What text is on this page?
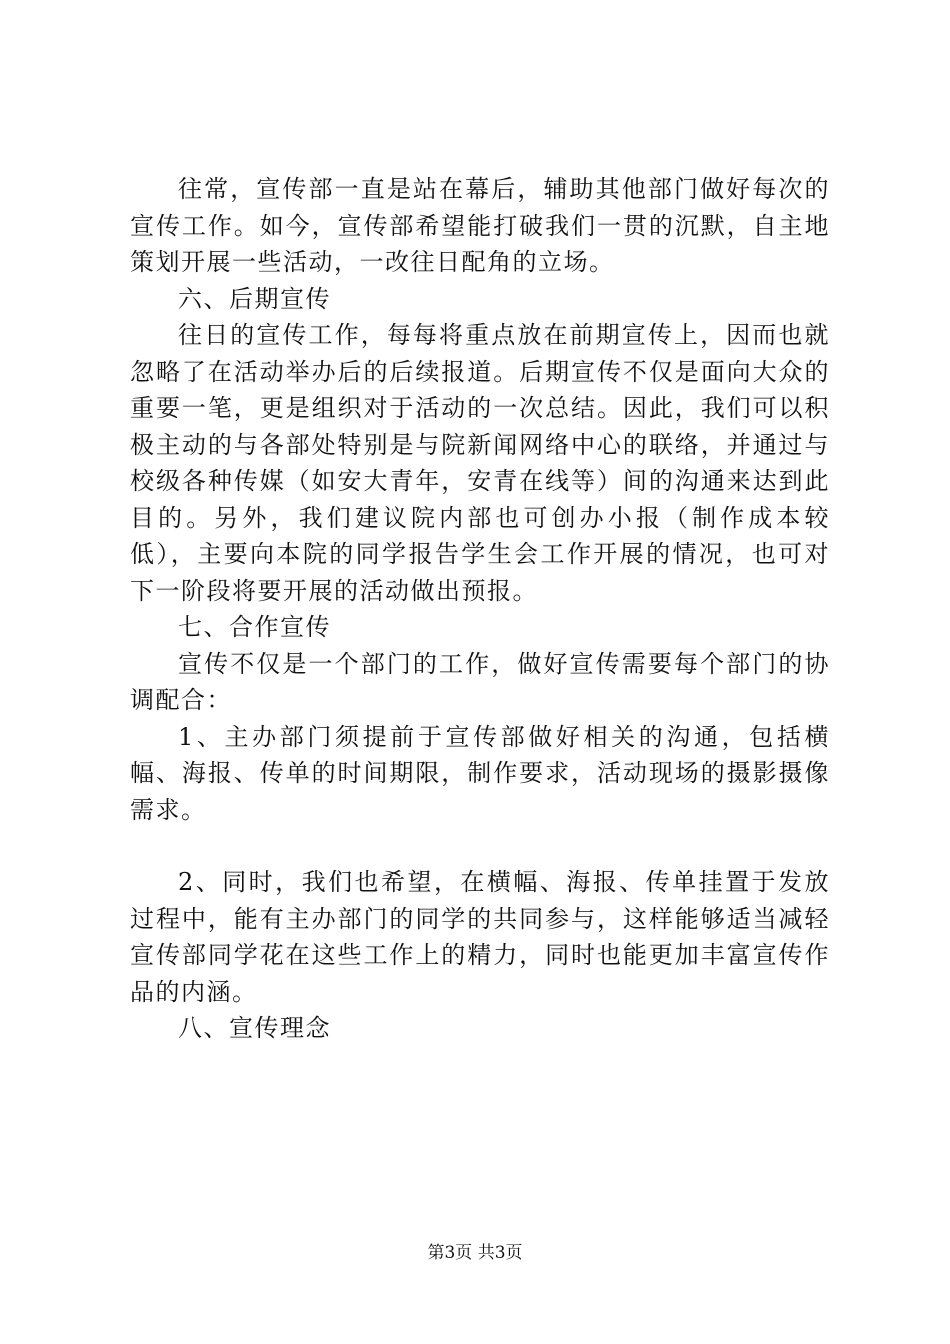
往常，宣传部一直是站在幕后，辅助其他部门做好每次的宣传工作。如今，宣传部希望能打破我们一贯的沉默，自主地策划开展一些活动，一改往日配角的立场。

六、后期宣传

往日的宣传工作，每每将重点放在前期宣传上，因而也就忽略了在活动举办后的后续报道。后期宣传不仅是面向大众的重要一笔，更是组织对于活动的一次总结。因此，我们可以积极主动的与各部处特别是与院新闻网络中心的联络，并通过与校级各种传媒（如安大青年，安青在线等）间的沟通来达到此目的。另外，我们建议院内部也可创办小报（制作成本较低），主要向本院的同学报告学生会工作开展的情况，也可对下一阶段将要开展的活动做出预报。

七、合作宣传

宣传不仅是一个部门的工作，做好宣传需要每个部门的协调配合：

1、主办部门须提前于宣传部做好相关的沟通，包括横幅、海报、传单的时间期限，制作要求，活动现场的摄影摄像需求。

2、同时，我们也希望，在横幅、海报、传单挂置于发放过程中，能有主办部门的同学的共同参与，这样能够适当减轻宣传部同学花在这些工作上的精力，同时也能更加丰富宣传作品的内涵。

八、宣传理念

第3页 共3页
